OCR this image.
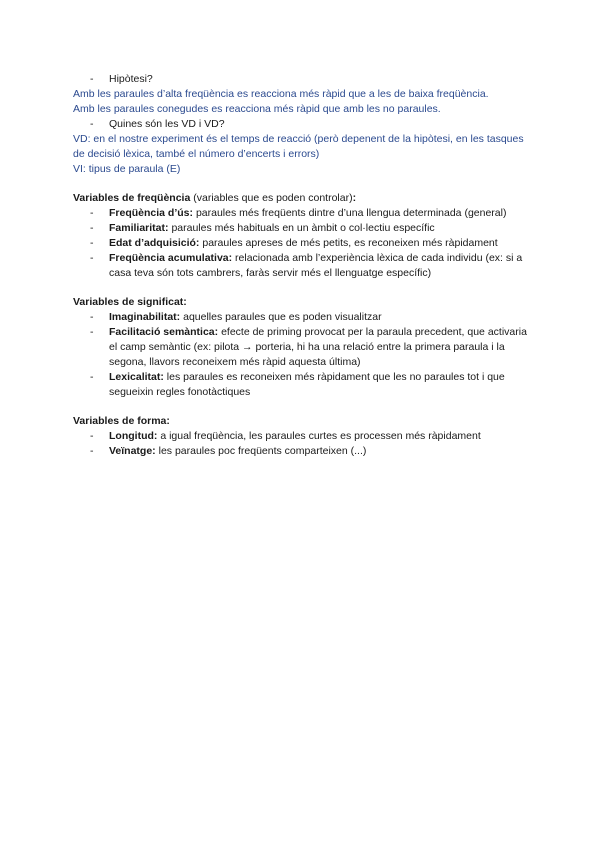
- Hipòtesi?
Amb les paraules d’alta freqüència es reacciona més ràpid que a les de baixa freqüència.
Amb les paraules conegudes es reacciona més ràpid que amb les no paraules.
- Quines són les VD i VD?
VD: en el nostre experiment és el temps de reacció (però depenent de la hipòtesi, en les tasques de decisió lèxica, també el número d’encerts i errors)
VI: tipus de paraula (E)
Variables de freqüència (variables que es poden controlar):
- Freqüència d’ús: paraules més freqüents dintre d’una llengua determinada (general)
- Familiaritat: paraules més habituals en un àmbit o col·lectiu específic
- Edat d’adquisició: paraules apreses de més petits, es reconeixen més ràpidament
- Freqüència acumulativa: relacionada amb l’experiència lèxica de cada individu (ex: si a casa teva són tots cambrers, faràs servir més el llenguatge específic)
Variables de significat:
- Imaginabilitat: aquelles paraules que es poden visualitzar
- Facilitació semàntica: efecte de priming provocat per la paraula precedent, que activaria el camp semàntic (ex: pilota → porteria, hi ha una relació entre la primera paraula i la segona, llavors reconeixem més ràpid aquesta última)
- Lexicalitat: les paraules es reconeixen més ràpidament que les no paraules tot i que segueixin regles fonotàctiques
Variables de forma:
- Longitud: a igual freqüència, les paraules curtes es processen més ràpidament
- Veïnatge: les paraules poc freqüents comparteixen (...)
